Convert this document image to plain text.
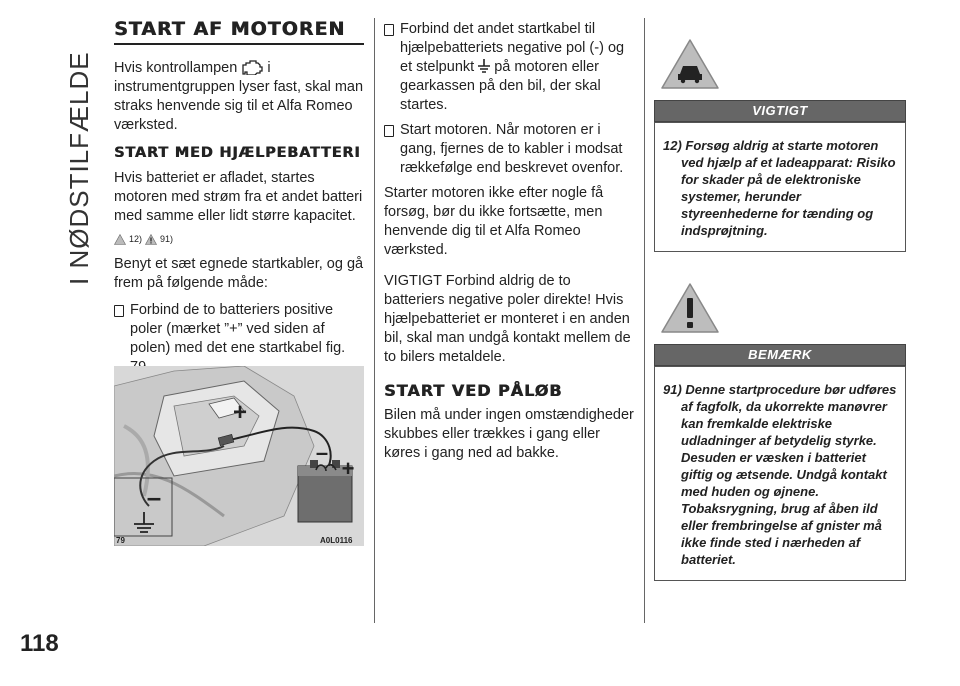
I NØDSTILFÆLDE
118
START AF MOTOREN

Hvis kontrollampen i instrumentgruppen lyser fast, skal man straks henvende sig til et Alfa Romeo værksted.

START MED HJÆLPEBATTERI

Hvis batteriet er afladet, startes motoren med strøm fra et andet batteri med samme eller lidt større kapacitet.

12) 91)

Benyt et sæt egnede startkabler, og gå frem på følgende måde:

Forbind de to batteriers positive poler (mærket ”+” ved siden af polen) med det ene startkabel fig.
+
–
+
–
79	A0L0116
Forbind det andet startkabel til hjælpebatteriets negative pol (-) og et stelpunkt på motoren eller gearkassen på den bil, der skal startes.
Start motoren. Når motoren er i gang, fjernes de to kabler i modsat rækkefølge end beskrevet ovenfor.

Starter motoren ikke efter nogle få forsøg, bør du ikke fortsætte, men henvende dig til et Alfa Romeo værksted.

VIGTIGT Forbind aldrig de to batteriers negative poler direkte! Hvis hjælpebatteriet er monteret i en anden bil, skal man undgå kontakt mellem de to bilers metaldele.

START VED PÅLØB

Bilen må under ingen omstændigheder skubbes eller trækkes i gang eller køres i gang ned ad bakke.

VIGTIGT
12) Forsøg aldrig at starte motoren ved hjælp af et ladeapparat: Risiko for skader på de elektroniske systemer, herunder styreenhederne for tænding og indsprøjtning.
BEMÆRK
91) Denne startprocedure bør udføres af fagfolk, da ukorrekte manøvrer kan fremkalde elektriske udladninger af betydelig styrke. Desuden er væsken i batteriet giftig og ætsende. Undgå kontakt med huden og øjnene. Tobaksrygning, brug af åben ild eller frembringelse af gnister må ikke finde sted i nærheden af batteriet.
